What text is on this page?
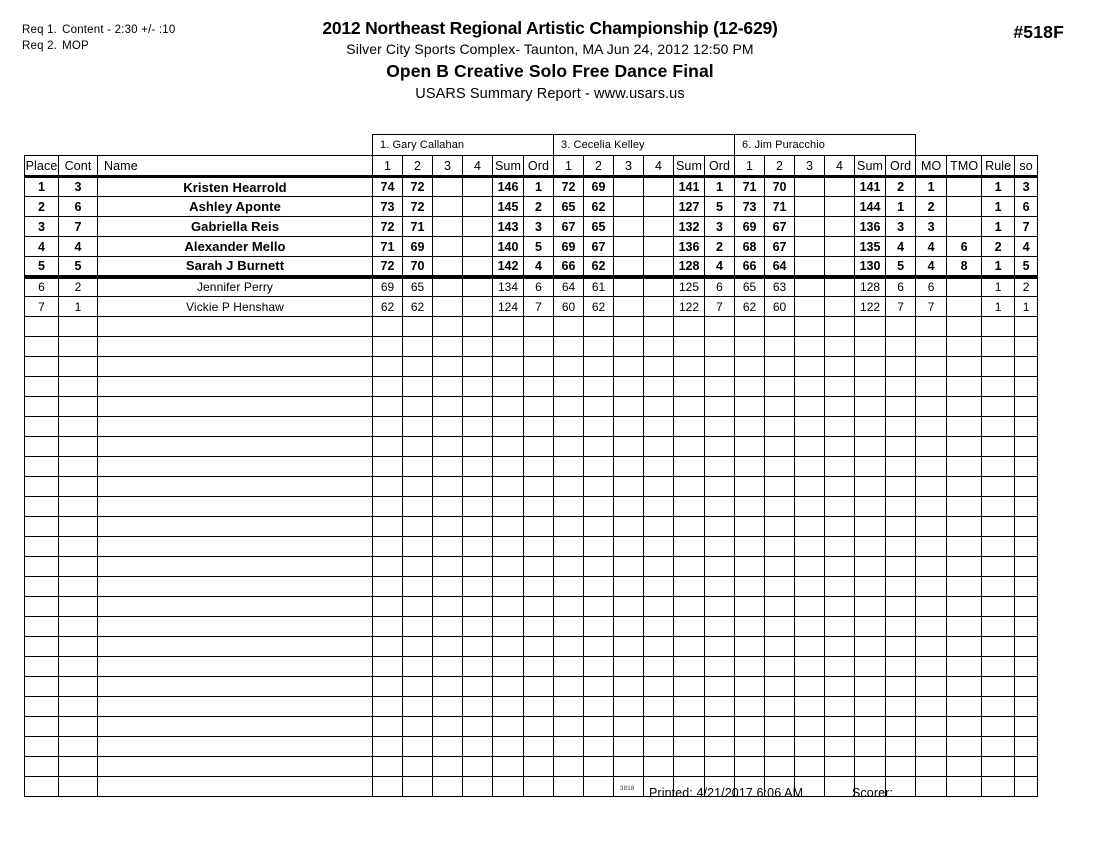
Req 1. Content - 2:30 +/- :10
Req 2. MOP
2012 Northeast Regional Artistic Championship (12-629)
Silver City Sports Complex- Taunton, MA Jun 24, 2012 12:50 PM
Open B Creative Solo Free Dance Final
USARS Summary Report - www.usars.us
#518F
			1. Gary Callahan						3. Cecelia Kelley						6. Jim Puracchio									
Place	Cont	Name	1	2	3	4	Sum	Ord	1	2	3	4	Sum	Ord	1	2	3	4	Sum	Ord	MO	TMO	Rule	so
1	3	Kristen Hearrold	74	72			146	1	72	69			141	1	71	70			141	2	1		1	3
2	6	Ashley Aponte	73	72			145	2	65	62			127	5	73	71			144	1	2		1	6
3	7	Gabriella Reis	72	71			143	3	67	65			132	3	69	67			136	3	3		1	7
4	4	Alexander Mello	71	69			140	5	69	67			136	2	68	67			135	4	4	6	2	4
5	5	Sarah J Burnett	72	70			142	4	66	62			128	4	66	64			130	5	4	8	1	5
6	2	Jennifer Perry	69	65			134	6	64	61			125	6	65	63			128	6	6		1	2
7	1	Vickie P Henshaw	62	62			124	7	60	62			122	7	62	60			122	7	7		1	1

3818 Printed: 4/21/2017 6:06 AM	Scorer:
